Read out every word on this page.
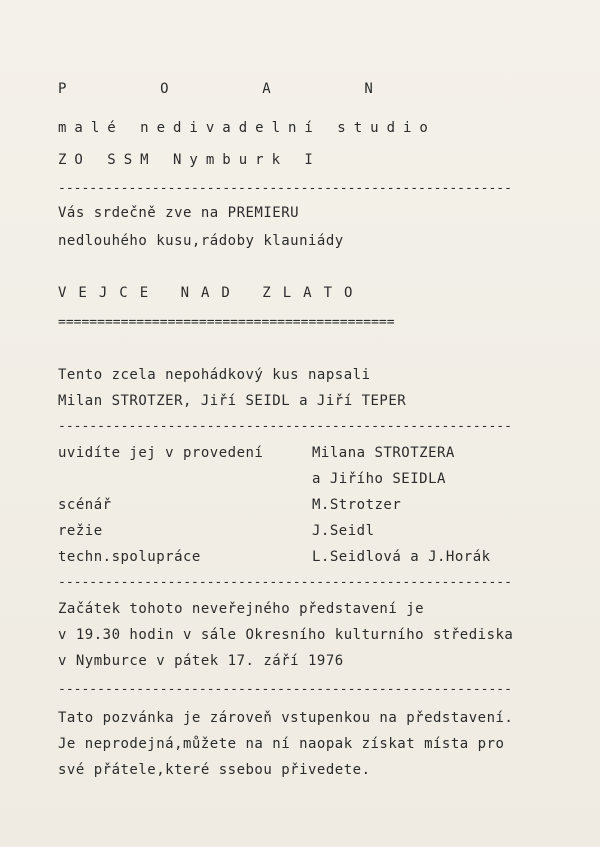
P    O    A    N
malé nedivadelní studio
ZO SSM Nymburk I
----------------------------------------------------------
Vás srdečně zve na PREMIERU
nedlouhého kusu,rádoby klauniády
VEJCE NAD ZLATO
===========================================
Tento zcela nepohádkový kus napsali
Milan STROTZER, Jiří SEIDL a Jiří TEPER
----------------------------------------------------------
uvidíte jej v provedení	Milana STROTZERA
a Jiřího SEIDLA
scénář	M.Strotzer
režie	J.Seidl
techn.spolupráce	L.Seidlová a J.Horák
----------------------------------------------------------
Začátek tohoto neveřejného představení je
v 19.30 hodin v sále Okresního kulturního střediska
v Nymburce v pátek 17. září 1976
----------------------------------------------------------
Tato pozvánka je zároveň vstupenkou na představení.
Je neprodejná,můžete na ní naopak získat místa pro
své přátele,které ssebou přivedete.
